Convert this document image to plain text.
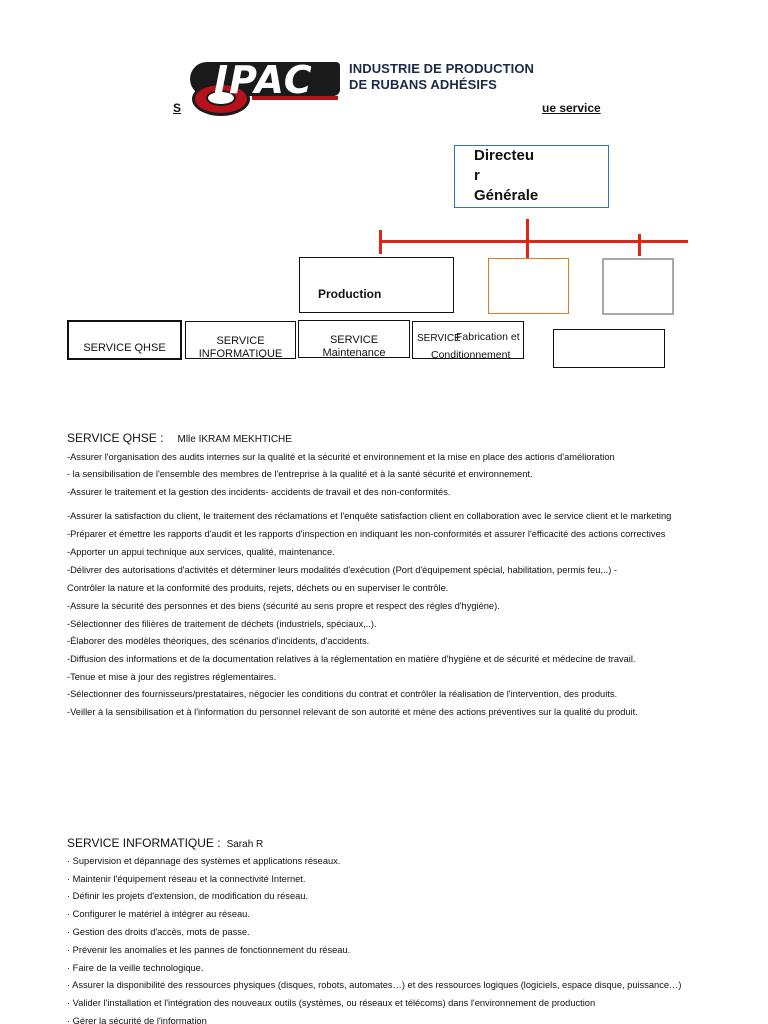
IPAC	INDUSTRIE DE PRODUCTION
DE RUBANS ADHÉSIFS
S	ue service
Directeu r Générale
Production
SERVICE QHSE
SERVICE
INFORMATIQUE
SERVICE
Maintenance
SERVICE
Fabrication et
Conditionnement
SERVICE QHSE : Mlle IKRAM MEKHTICHE
-Assurer l'organisation des audits internes sur la qualité et la sécurité et environnement et la mise en place des actions d'amélioration
- la sensibilisation de l'ensemble des membres de l'entreprise à la qualité et à la santé sécurité et environnement.
-Assurer le traitement et la gestion des incidents- accidents de travail et des non-conformités.
-Assurer la satisfaction du client, le traitement des réclamations et l'enquête satisfaction client en collaboration avec le service client et le marketing
-Préparer et émettre les rapports d'audit et les rapports d'inspection en indiquant les non-conformités et assurer l'efficacité des actions correctives
-Apporter un appui technique aux services, qualité, maintenance.
-Délivrer des autorisations d'activités et déterminer leurs modalités d'exécution (Port d'équipement spécial, habilitation, permis feu,..) -
Contrôler la nature et la conformité des produits, rejets, déchets ou en superviser le contrôle.
-Assure la sécurité des personnes et des biens (sécurité au sens propre et respect des régles d'hygiène).
-Sélectionner des filières de traitement de déchets (industriels, spéciaux,..).
-Élaborer des modèles théoriques, des scénarios d'incidents, d'accidents.
-Diffusion des informations et de la documentation relatives à la réglementation en matière d'hygiène et de sécurité et médecine de travail.
-Tenue et mise à jour des registres réglementaires.
-Sélectionner des fournisseurs/prestataires, négocier les conditions du contrat et contrôler la réalisation de l'intervention, des produits.
-Veiller à la sensibilisation et à l'information du personnel relevant de son autorité et mène des actions préventives sur la qualité du produit.
SERVICE INFORMATIQUE : Sarah R
· Supervision et dépannage des systèmes et applications réseaux.
· Maintenir l'équipement réseau et la connectivité Internet.
· Définir les projets d'extension, de modification du réseau.
· Configurer le matériel à intégrer au réseau.
· Gestion des droits d'accès, mots de passe.
· Prévenir les anomalies et les pannes de fonctionnement du réseau.
· Faire de la veille technologique.
· Assurer la disponibilité des ressources physiques (disques, robots, automates…) et des ressources logiques (logiciels, espace disque, puissance…)
· Valider l'installation et l'intégration des nouveaux outils (systèmes, ou réseaux et télécoms) dans l'environnement de production
· Gérer la sécurité de l'information
